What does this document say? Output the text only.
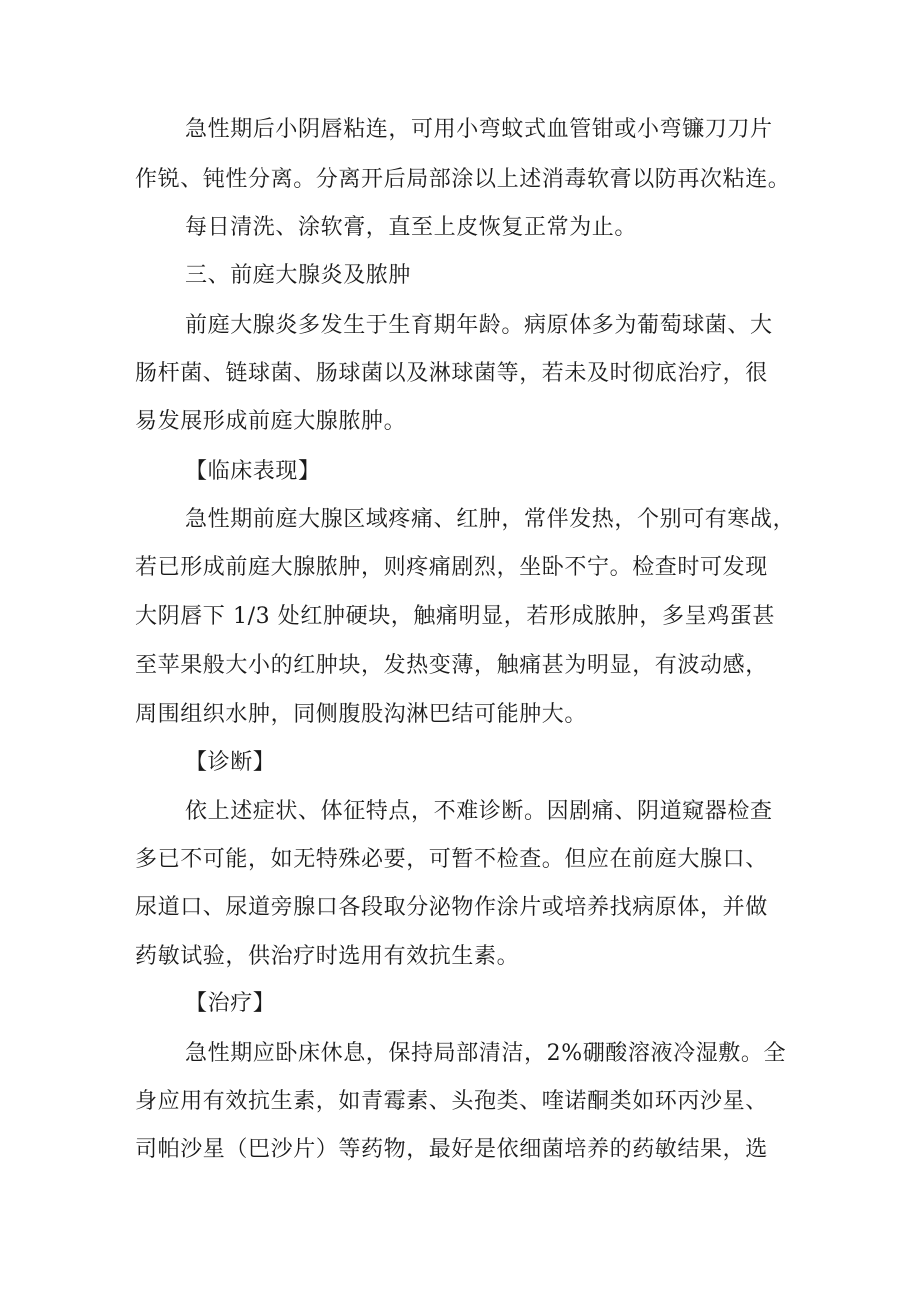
急性期后小阴唇粘连，可用小弯蚊式血管钳或小弯镰刀刀片

作锐、钝性分离。分离开后局部涂以上述消毒软膏以防再次粘连。

每日清洗、涂软膏，直至上皮恢复正常为止。

三、前庭大腺炎及脓肿

前庭大腺炎多发生于生育期年龄。病原体多为葡萄球菌、大

肠杆菌、链球菌、肠球菌以及淋球菌等，若未及时彻底治疗，很

易发展形成前庭大腺脓肿。

【临床表现】

急性期前庭大腺区域疼痛、红肿，常伴发热，个别可有寒战，

若已形成前庭大腺脓肿，则疼痛剧烈，坐卧不宁。检查时可发现

大阴唇下 1/3 处红肿硬块，触痛明显，若形成脓肿，多呈鸡蛋甚

至苹果般大小的红肿块，发热变薄，触痛甚为明显，有波动感，

周围组织水肿，同侧腹股沟淋巴结可能肿大。

【诊断】

依上述症状、体征特点，不难诊断。因剧痛、阴道窥器检查

多已不可能，如无特殊必要，可暂不检查。但应在前庭大腺口、

尿道口、尿道旁腺口各段取分泌物作涂片或培养找病原体，并做

药敏试验，供治疗时选用有效抗生素。

【治疗】

急性期应卧床休息，保持局部清洁，2%硼酸溶液冷湿敷。全

身应用有效抗生素，如青霉素、头孢类、喹诺酮类如环丙沙星、

司帕沙星（巴沙片）等药物，最好是依细菌培养的药敏结果，选
